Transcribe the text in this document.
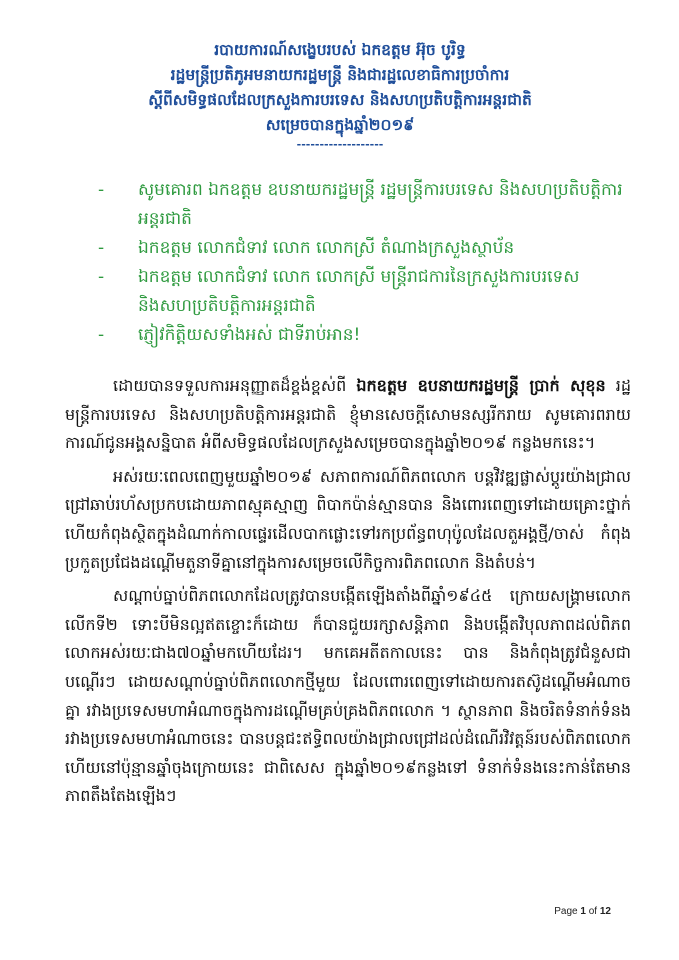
របាយការណ៍សង្ខេបរបស់ ឯកឧត្តម អ៊ុច បូរិទ្ធ
រដ្ឋមន្ត្រីប្រតិភូអមនាយករដ្ឋមន្ត្រី និងជារដ្ឋលេខាធិការប្រចាំការ
ស្តីពីសមិទ្ធផលដែលក្រសួងការបរទេស និងសហប្រតិបត្តិការអន្តរជាតិ
សម្រេចបានក្នុងឆ្នាំ២០១៩
-------------------
- សូមគោរព ឯកឧត្តម ឧបនាយករដ្ឋមន្ត្រី រដ្ឋមន្ត្រីការបរទេស និងសហប្រតិបត្តិការអន្តរជាតិ
- ឯកឧត្តម លោកជំទាវ លោក លោកស្រី តំណាងក្រសួងស្ថាប័ន
- ឯកឧត្តម លោកជំទាវ លោក លោកស្រី មន្ត្រីរាជការនៃក្រសួងការបរទេស និងសហប្រតិបត្តិការអន្តរជាតិ
- ភ្ញៀវកិត្តិយសទាំងអស់ ជាទីរាប់អាន!

ដោយបានទទួលការអនុញ្ញាតដ៏ខ្ពង់ខ្ពស់ពី ឯកឧត្តម ឧបនាយករដ្ឋមន្ត្រី ប្រាក់ សុខុន រដ្ឋមន្ត្រីការបរទេស និងសហប្រតិបត្តិការអន្តរជាតិ ខ្ញុំមានសេចក្តីសោមនស្សរីករាយ សូមគោរពរាយការណ៍ជូនអង្គសន្និបាត អំពីសមិទ្ធផលដែលក្រសួងសម្រេចបានក្នុងឆ្នាំ២០១៩ កន្លងមកនេះ។

អស់រយៈពេលពេញមួយឆ្នាំ២០១៩ សភាពការណ៍ពិភពលោក បន្តវិវឌ្ឍផ្លាស់ប្តូរយ៉ាងជ្រាលជ្រៅឆាប់រហ័សប្រកបដោយភាពស្មុគស្មាញ ពិបាកប៉ាន់ស្មានបាន និងពោរពេញទៅដោយគ្រោះថ្នាក់ ហើយកំពុងស្ថិតក្នុងដំណាក់កាលផ្ទេរដើលបាកផ្លោះទៅរកប្រព័ន្ធពហុប៉ូលដែលតួអង្គថ្មី/ចាស់ កំពុងប្រកួតប្រជែងដណ្តើមតួនាទីគ្នានៅក្នុងការសម្រេចលើកិច្ចការពិភពលោក និងតំបន់។

សណ្តាប់ធ្នាប់ពិភពលោកដែលត្រូវបានបង្កើតឡើងតាំងពីឆ្នាំ១៩៤៥ ក្រោយសង្គ្រាមលោកលើកទី២ ទោះបីមិនល្អឥតខ្ចោះក៏ដោយ ក៏បានជួយរក្សាសន្តិភាព និងបង្កើតវិបុលភាពដល់ពិភពលោកអស់រយៈជាង៧០ឆ្នាំមកហើយដែរ។ មកគេអតីតកាលនេះ បាន និងកំពុងត្រូវជំនួសជាបណ្តើរៗ ដោយសណ្តាប់ធ្នាប់ពិភពលោកថ្មីមួយ ដែលពោរពេញទៅដោយការតស៊ូដណ្តើមអំណាចគ្នា រវាងប្រទេសមហាអំណាចក្នុងការដណ្តើមគ្រប់គ្រងពិភពលោក ។ ស្ថានភាព និងចរិតទំនាក់ទំនងរវាងប្រទេសមហាអំណាចនេះ បានបន្តជះឥទ្ធិពលយ៉ាងជ្រាលជ្រៅដល់ដំណើរវិវត្តន៍របស់ពិភពលោក ហើយនៅប៉ុន្មានឆ្នាំចុងក្រោយនេះ ជាពិសេស ក្នុងឆ្នាំ២០១៩កន្លងទៅ ទំនាក់ទំនងនេះកាន់តែមានភាពតឹងតែងឡើងៗ

Page 1 of 12
